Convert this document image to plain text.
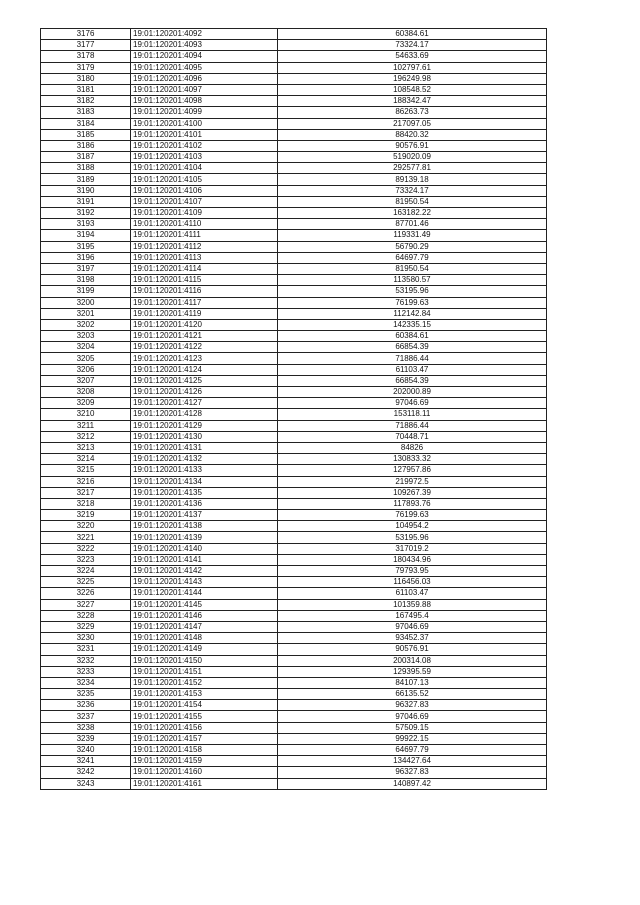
3176	19:01:120201:4092	60384.61
3177	19:01:120201:4093	73324.17
3178	19:01:120201:4094	54633.69
3179	19:01:120201:4095	102797.61
3180	19:01:120201:4096	196249.98
3181	19:01:120201:4097	108548.52
3182	19:01:120201:4098	188342.47
3183	19:01:120201:4099	86263.73
3184	19:01:120201:4100	217097.05
3185	19:01:120201:4101	88420.32
3186	19:01:120201:4102	90576.91
3187	19:01:120201:4103	519020.09
3188	19:01:120201:4104	292577.81
3189	19:01:120201:4105	89139.18
3190	19:01:120201:4106	73324.17
3191	19:01:120201:4107	81950.54
3192	19:01:120201:4109	163182.22
3193	19:01:120201:4110	87701.46
3194	19:01:120201:4111	119331.49
3195	19:01:120201:4112	56790.29
3196	19:01:120201:4113	64697.79
3197	19:01:120201:4114	81950.54
3198	19:01:120201:4115	113580.57
3199	19:01:120201:4116	53195.96
3200	19:01:120201:4117	76199.63
3201	19:01:120201:4119	112142.84
3202	19:01:120201:4120	142335.15
3203	19:01:120201:4121	60384.61
3204	19:01:120201:4122	66854.39
3205	19:01:120201:4123	71886.44
3206	19:01:120201:4124	61103.47
3207	19:01:120201:4125	66854.39
3208	19:01:120201:4126	202000.89
3209	19:01:120201:4127	97046.69
3210	19:01:120201:4128	153118.11
3211	19:01:120201:4129	71886.44
3212	19:01:120201:4130	70448.71
3213	19:01:120201:4131	84826
3214	19:01:120201:4132	130833.32
3215	19:01:120201:4133	127957.86
3216	19:01:120201:4134	219972.5
3217	19:01:120201:4135	109267.39
3218	19:01:120201:4136	117893.76
3219	19:01:120201:4137	76199.63
3220	19:01:120201:4138	104954.2
3221	19:01:120201:4139	53195.96
3222	19:01:120201:4140	317019.2
3223	19:01:120201:4141	180434.96
3224	19:01:120201:4142	79793.95
3225	19:01:120201:4143	116456.03
3226	19:01:120201:4144	61103.47
3227	19:01:120201:4145	101359.88
3228	19:01:120201:4146	167495.4
3229	19:01:120201:4147	97046.69
3230	19:01:120201:4148	93452.37
3231	19:01:120201:4149	90576.91
3232	19:01:120201:4150	200314.08
3233	19:01:120201:4151	129395.59
3234	19:01:120201:4152	84107.13
3235	19:01:120201:4153	66135.52
3236	19:01:120201:4154	96327.83
3237	19:01:120201:4155	97046.69
3238	19:01:120201:4156	57509.15
3239	19:01:120201:4157	99922.15
3240	19:01:120201:4158	64697.79
3241	19:01:120201:4159	134427.64
3242	19:01:120201:4160	96327.83
3243	19:01:120201:4161	140897.42
